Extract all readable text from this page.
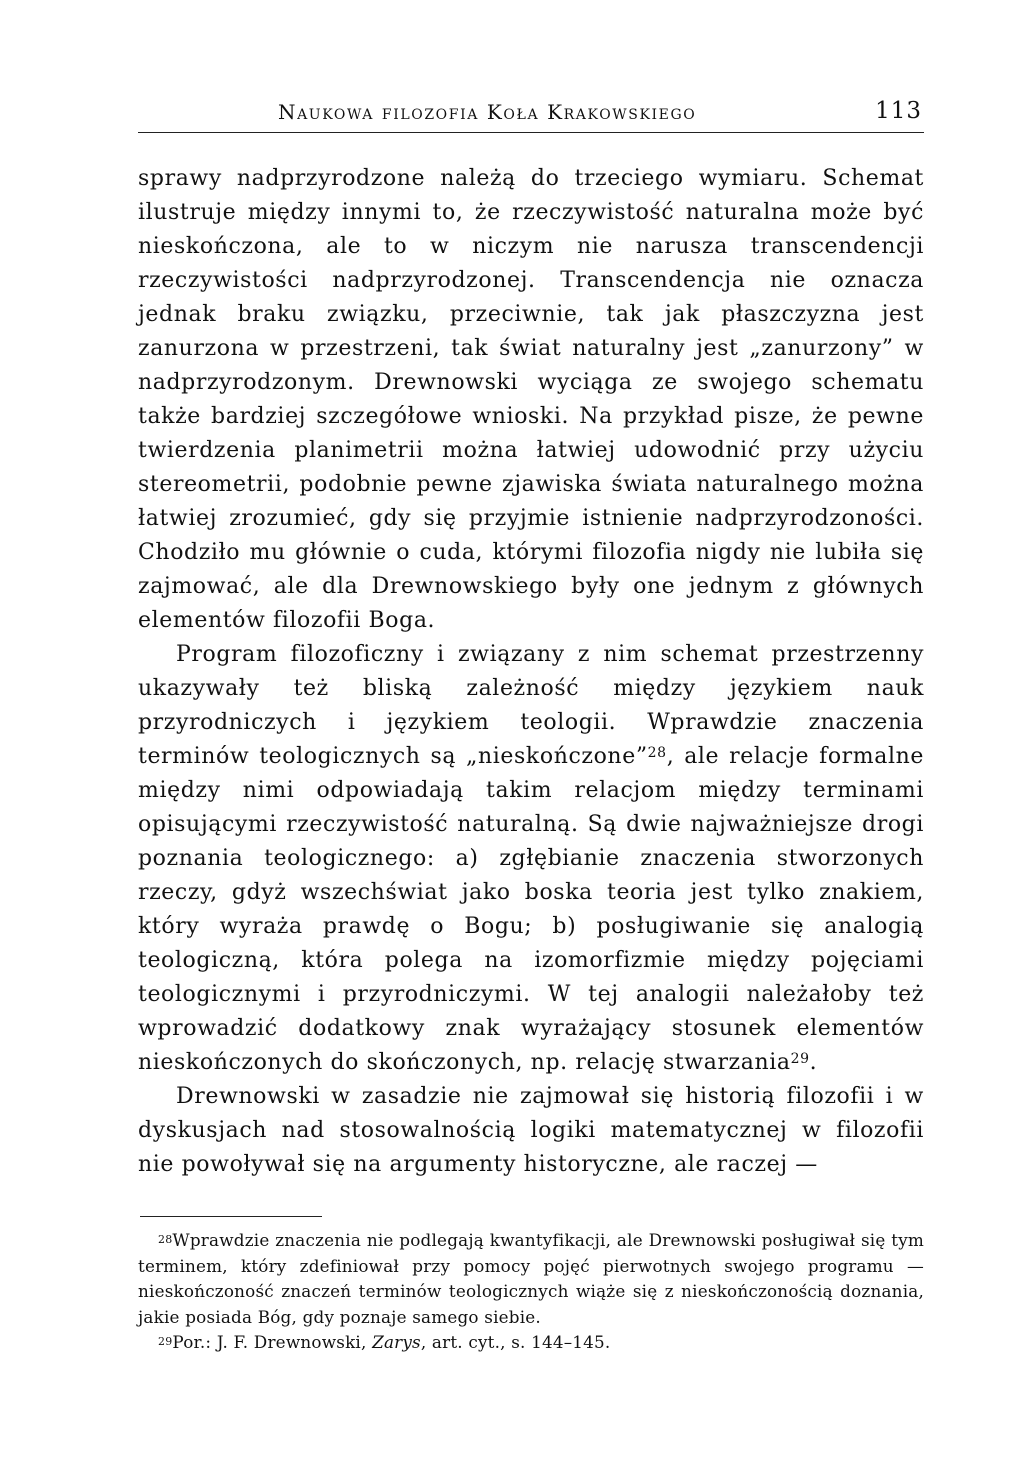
Naukowa filozofia Koła Krakowskiego	113

sprawy nadprzyrodzone należą do trzeciego wymiaru. Schemat ilustruje między innymi to, że rzeczywistość naturalna może być nieskończona, ale to w niczym nie narusza transcendencji rzeczywistości nadprzyrodzonej. Transcendencja nie oznacza jednak braku związku, przeciwnie, tak jak płaszczyzna jest zanurzona w przestrzeni, tak świat naturalny jest „zanurzony” w nadprzyrodzonym. Drewnowski wyciąga ze swojego schematu także bardziej szczegółowe wnioski. Na przykład pisze, że pewne twierdzenia planimetrii można łatwiej udowodnić przy użyciu stereometrii, podobnie pewne zjawiska świata naturalnego można łatwiej zrozumieć, gdy się przyjmie istnienie nadprzyrodzoności. Chodziło mu głównie o cuda, którymi filozofia nigdy nie lubiła się zajmować, ale dla Drewnowskiego były one jednym z głównych elementów filozofii Boga.

Program filozoficzny i związany z nim schemat przestrzenny ukazywały też bliską zależność między językiem nauk przyrodniczych i językiem teologii. Wprawdzie znaczenia terminów teologicznych są „nieskończone”$^{28}$, ale relacje formalne między nimi odpowiadają takim relacjom między terminami opisującymi rzeczywistość naturalną. Są dwie najważniejsze drogi poznania teologicznego: a) zgłębianie znaczenia stworzonych rzeczy, gdyż wszechświat jako boska teoria jest tylko znakiem, który wyraża prawdę o Bogu; b) posługiwanie się analogią teologiczną, która polega na izomorfizmie między pojęciami teologicznymi i przyrodniczymi. W tej analogii należałoby też wprowadzić dodatkowy znak wyrażający stosunek elementów nieskończonych do skończonych, np. relację stwarzania$^{29}$.

Drewnowski w zasadzie nie zajmował się historią filozofii i w dyskusjach nad stosowalnością logiki matematycznej w filozofii nie powoływał się na argumenty historyczne, ale raczej —

$^{28}$Wprawdzie znaczenia nie podlegają kwantyfikacji, ale Drewnowski posługiwał się tym terminem, który zdefiniował przy pomocy pojęć pierwotnych swojego programu — nieskończoność znaczeń terminów teologicznych wiąże się z nieskończonością doznania, jakie posiada Bóg, gdy poznaje samego siebie.

$^{29}$Por.: J. F. Drewnowski, Zarys, art. cyt., s. 144–145.
